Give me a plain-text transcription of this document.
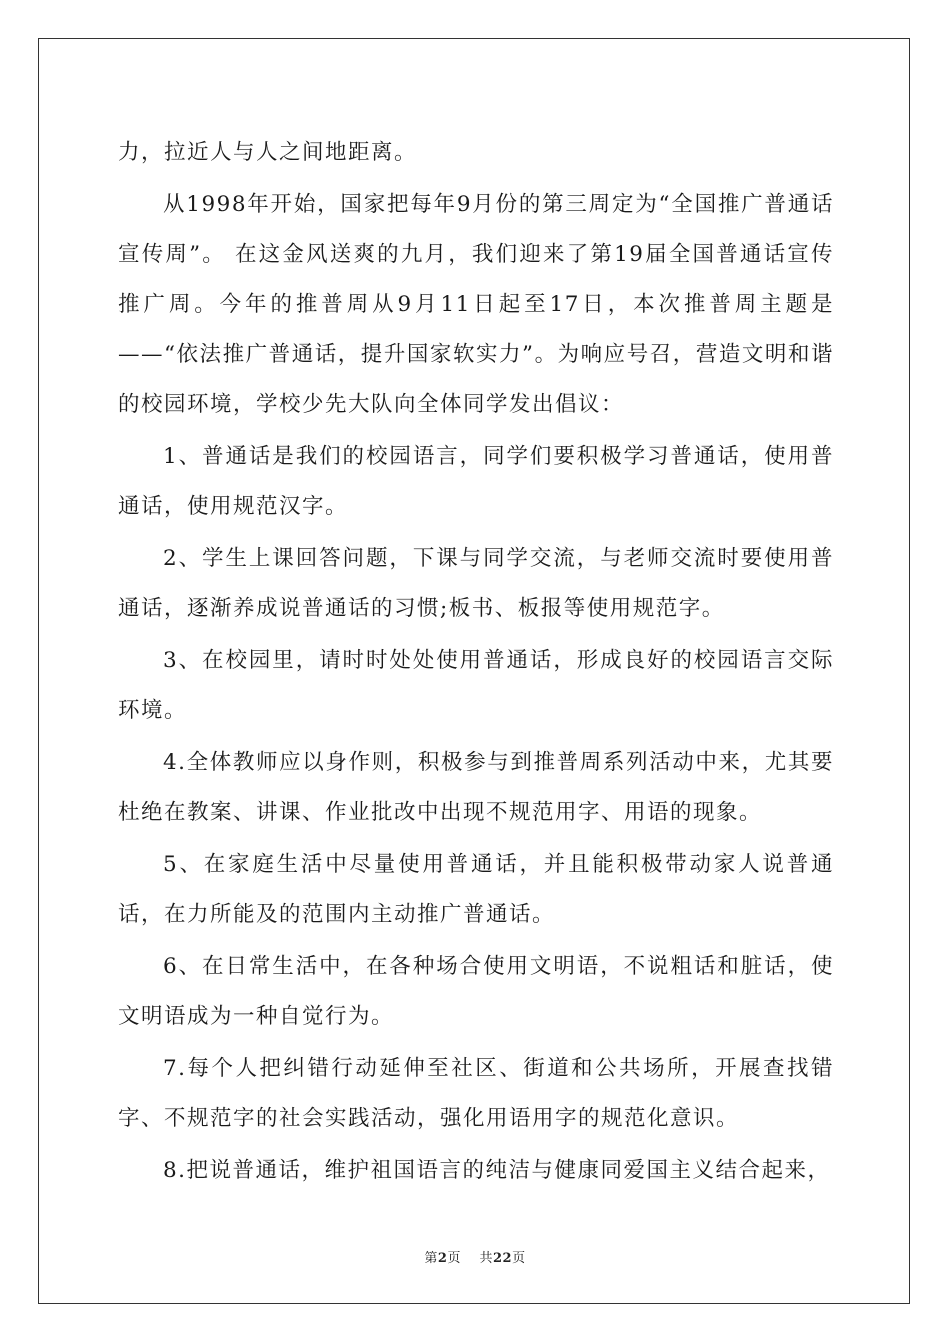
力，拉近人与人之间地距离。

从1998年开始，国家把每年9月份的第三周定为“全国推广普通话宣传周”。 在这金风送爽的九月，我们迎来了第19届全国普通话宣传推广周。今年的推普周从9月11日起至17日，本次推普周主题是——“依法推广普通话，提升国家软实力”。为响应号召，营造文明和谐的校园环境，学校少先大队向全体同学发出倡议：

1、普通话是我们的校园语言，同学们要积极学习普通话，使用普通话，使用规范汉字。

2、学生上课回答问题，下课与同学交流，与老师交流时要使用普通话，逐渐养成说普通话的习惯;板书、板报等使用规范字。

3、在校园里，请时时处处使用普通话，形成良好的校园语言交际环境。

4.全体教师应以身作则，积极参与到推普周系列活动中来，尤其要杜绝在教案、讲课、作业批改中出现不规范用字、用语的现象。

5、在家庭生活中尽量使用普通话，并且能积极带动家人说普通话，在力所能及的范围内主动推广普通话。

6、在日常生活中，在各种场合使用文明语，不说粗话和脏话，使文明语成为一种自觉行为。

7.每个人把纠错行动延伸至社区、街道和公共场所，开展查找错字、不规范字的社会实践活动，强化用语用字的规范化意识。

8.把说普通话，维护祖国语言的纯洁与健康同爱国主义结合起来，

第2页 共22页
